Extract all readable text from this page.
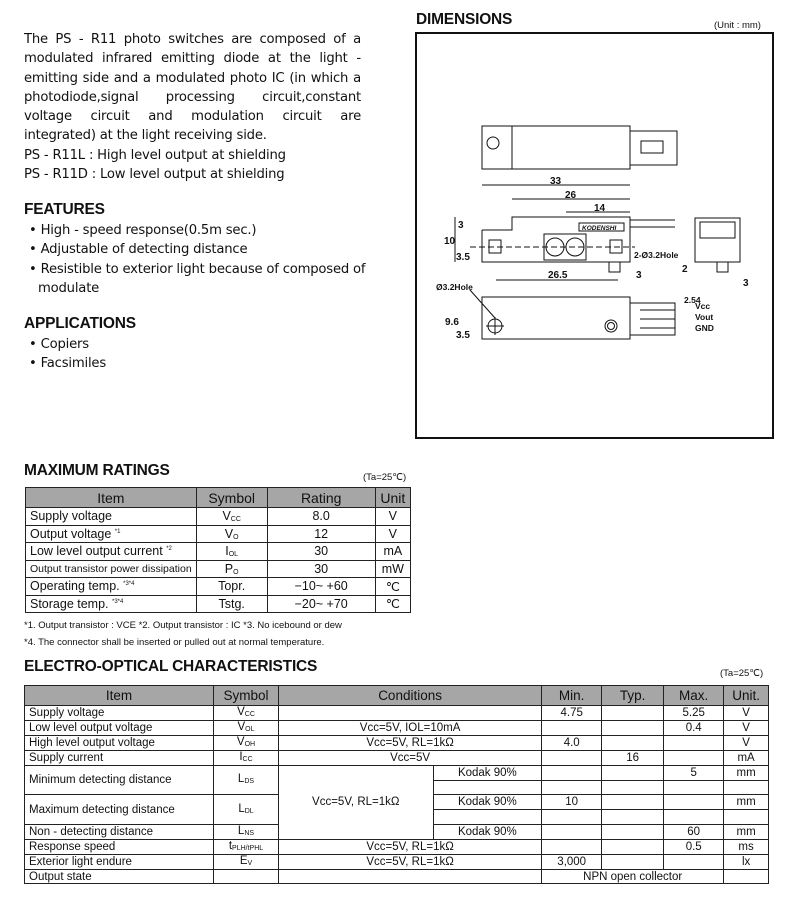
The PS - R11 photo switches are composed of a modulated infrared emitting diode at the light - emitting side and a modulated photo IC (in which a photodiode,signal processing circuit,constant voltage circuit and modulation circuit are integrated) at the light receiving side.

PS - R11L : High level output at shielding

PS - R11D : Low level output at shielding

FEATURES
• High - speed response(0.5m sec.)
• Adjustable of detecting distance
• Resistible to exterior light because of composed of modulate
APPLICATIONS
• Copiers
• Facsimiles
DIMENSIONS	(Unit : mm)
33
26
14
10
3
3.5
26.5	3
2-Ø3.2Hole
Ø3.2Hole
9.6
3.5
2
3
2.54
Vcc
Vout
GND
KODENSHI
MAXIMUM RATINGS	(Ta=25℃)
Item	Symbol	Rating	Unit
Supply voltage	$V_{CC}$	8.0	V
Output voltage $^{*1}$	$V_O$	12	V
Low level output current $^{*2}$	$I_{OL}$	30	mA
Output transistor power dissipation	$P_O$	30	mW
Operating temp. $^{*3*4}$	Topr.	−10~ +60	℃
Storage temp. $^{*3*4}$	Tstg.	−20~ +70	℃
*1. Output transistor : VCE *2. Output transistor : IC *3. No icebound or dew
*4. The connector shall be inserted or pulled out at normal temperature.
ELECTRO-OPTICAL CHARACTERISTICS	(Ta=25℃)
Item	Symbol	Conditions		Min.	Typ.	Max.	Unit.
Supply voltage	$V_{CC}$			4.75		5.25	V
Low level output voltage	$V_{OL}$	Vcc=5V, IOL=10mA				0.4	V
High level output voltage	$V_{OH}$	Vcc=5V, RL=1kΩ		4.0			V
Supply current	$I_{CC}$	Vcc=5V			16		mA
Minimum detecting distance	$L_{DS}$	Vcc=5V, RL=1kΩ	Kodak 90%			5	mm

Maximum detecting distance	$L_{DL}$		Kodak 90%	10			mm

Non - detecting distance	$L_{NS}$		Kodak 90%			60	mm
Response speed	$t_{PLH/tPHL}$	Vcc=5V, RL=1kΩ				0.5	ms
Exterior light endure	$E_V$	Vcc=5V, RL=1kΩ		3,000			lx
Output state				NPN open collector			
